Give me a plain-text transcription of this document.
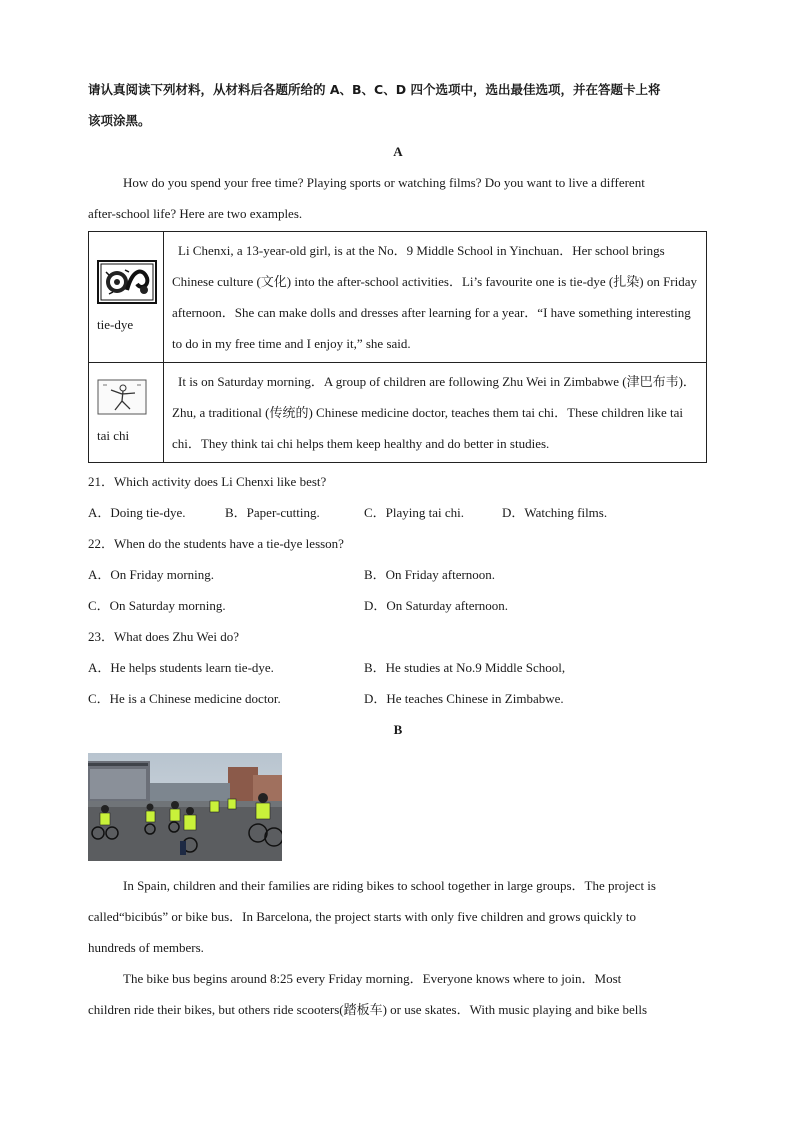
请认真阅读下列材料，从材料后各题所给的 A、B、C、D 四个选项中，选出最佳选项，并在答题卡上将
该项涂黑。
A
How do you spend your free time? Playing sports or watching films? Do you want to live a different
after-school life? Here are two examples.
tie-dye	Li Chenxi, a 13-year-old girl, is at the No．9 Middle School in Yinchuan．Her school brings Chinese culture (文化) into the after-school activities．Li’s favourite one is tie-dye (扎染) on Friday afternoon．She can make dolls and dresses after learning for a year．“I have something interesting to do in my free time and I enjoy it,” she said.

tai chi	It is on Saturday morning．A group of children are following Zhu Wei in Zimbabwe (津巴布韦)．Zhu, a traditional (传统的) Chinese medicine doctor, teaches them tai chi．These children like tai chi．They think tai chi helps them keep healthy and do better in studies.
21．Which activity does Li Chenxi like best?
A．Doing tie-dye.	B．Paper-cutting.	C．Playing tai chi.	D．Watching films.
22．When do the students have a tie-dye lesson?
A．On Friday morning.	B．On Friday afternoon.
C．On Saturday morning.	D．On Saturday afternoon.
23．What does Zhu Wei do?
A．He helps students learn tie-dye.	B．He studies at No.9 Middle School,
C．He is a Chinese medicine doctor.	D．He teaches Chinese in Zimbabwe.
B
In Spain, children and their families are riding bikes to school together in large groups．The project is
called“bicibús” or bike bus．In Barcelona, the project starts with only five children and grows quickly to
hundreds of members.
The bike bus begins around 8:25 every Friday morning．Everyone knows where to join．Most
children ride their bikes, but others ride scooters(踏板车) or use skates．With music playing and bike bells
